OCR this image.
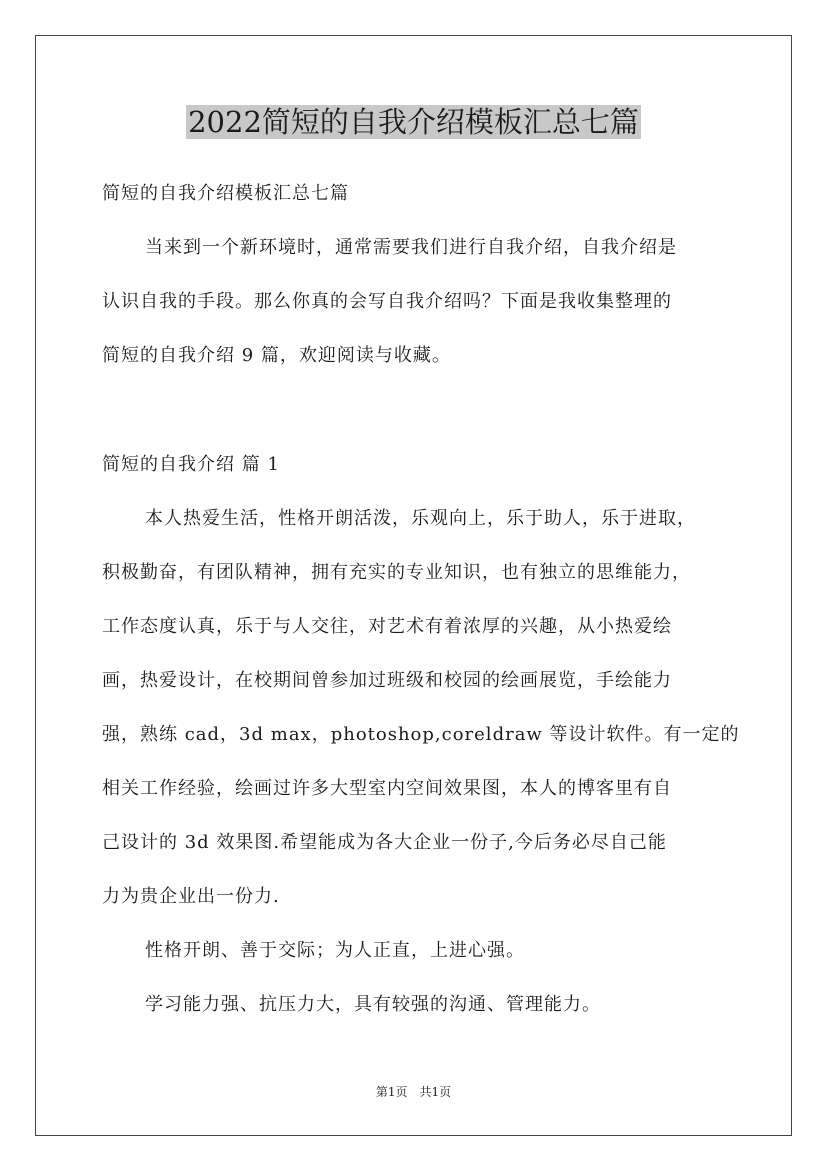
2022简短的自我介绍模板汇总七篇
简短的自我介绍模板汇总七篇
当来到一个新环境时，通常需要我们进行自我介绍，自我介绍是
认识自我的手段。那么你真的会写自我介绍吗？下面是我收集整理的
简短的自我介绍 9 篇，欢迎阅读与收藏。
简短的自我介绍 篇 1
本人热爱生活，性格开朗活泼，乐观向上，乐于助人，乐于进取，
积极勤奋，有团队精神，拥有充实的专业知识，也有独立的思维能力，
工作态度认真，乐于与人交往，对艺术有着浓厚的兴趣，从小热爱绘
画，热爱设计，在校期间曾参加过班级和校园的绘画展览，手绘能力
强，熟练 cad，3d max，photoshop,coreldraw 等设计软件。有一定的
相关工作经验，绘画过许多大型室内空间效果图，本人的博客里有自
己设计的 3d 效果图.希望能成为各大企业一份子,今后务必尽自己能
力为贵企业出一份力.
性格开朗、善于交际；为人正直，上进心强。
学习能力强、抗压力大，具有较强的沟通、管理能力。
第1页　共1页
